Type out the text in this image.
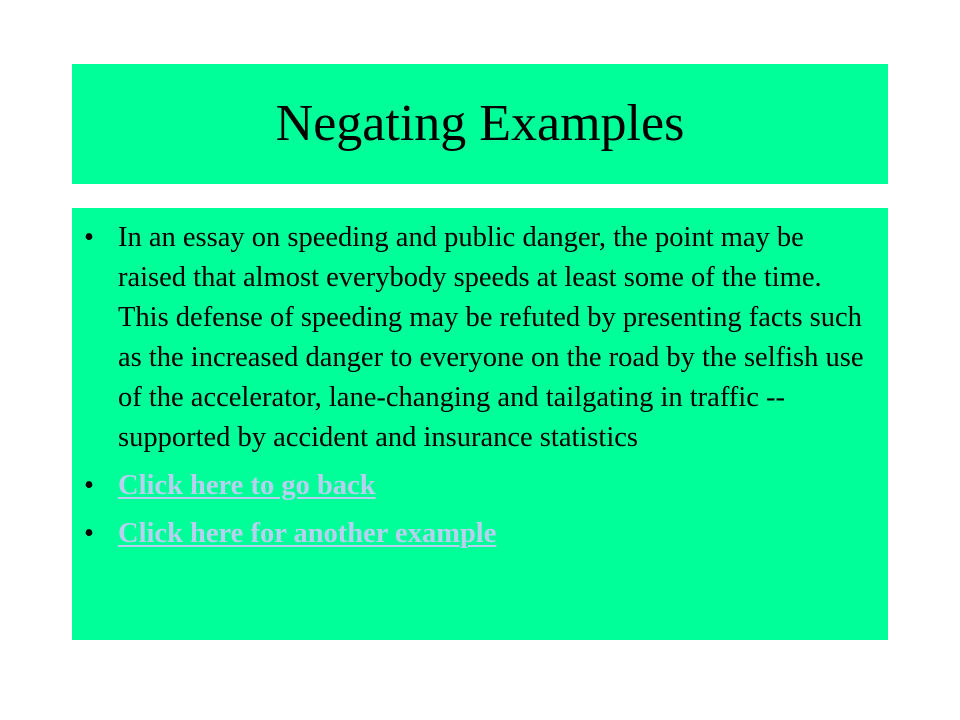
Negating Examples
• In an essay on speeding and public danger, the point may be raised that almost everybody speeds at least some of the time. This defense of speeding may be refuted by presenting facts such as the increased danger to everyone on the road by the selfish use of the accelerator, lane-changing and tailgating in traffic -- supported by accident and insurance statistics
• Click here to go back
• Click here for another example
